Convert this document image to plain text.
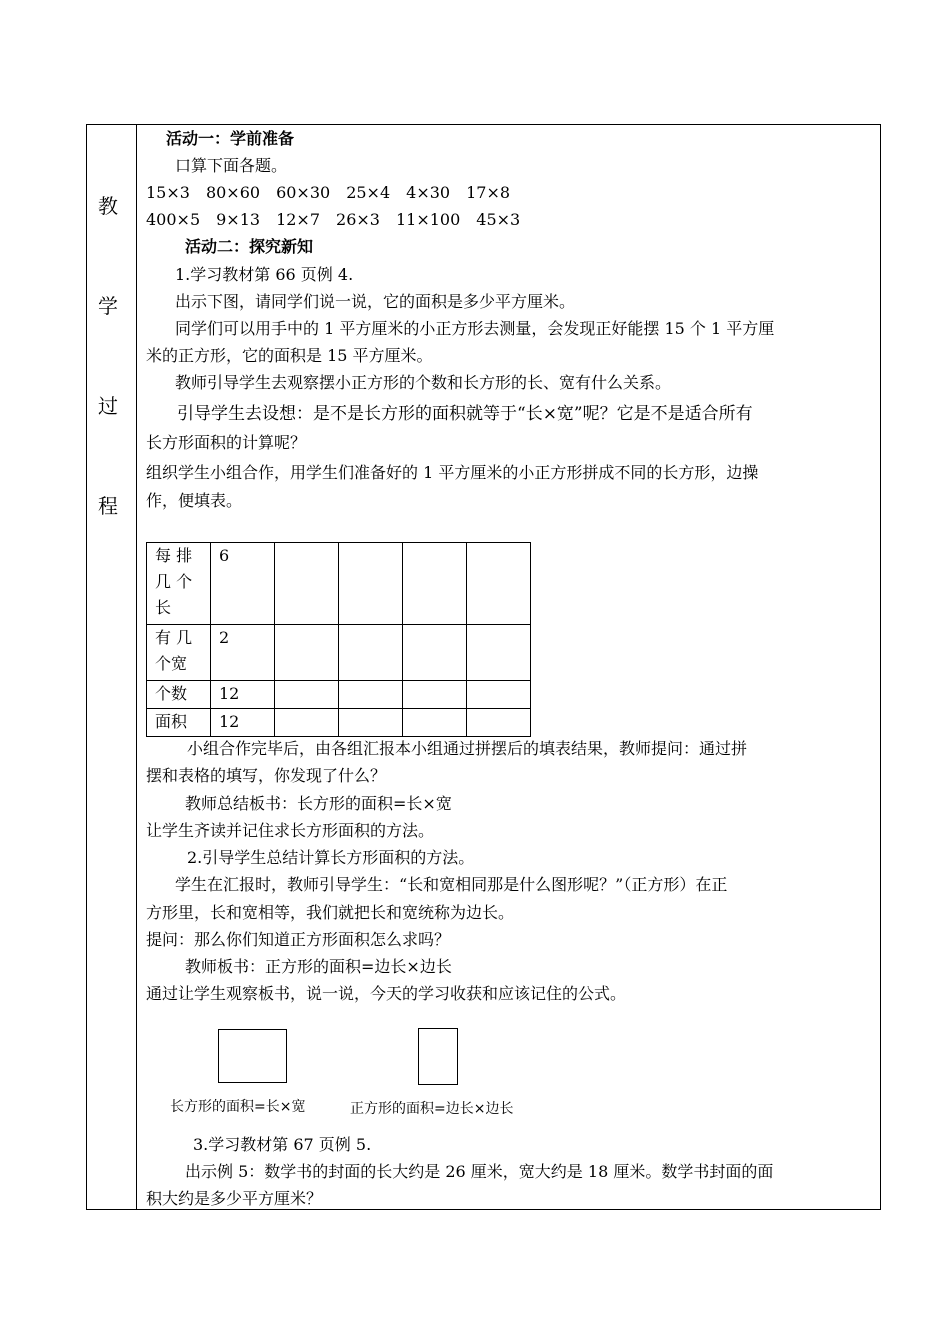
教
学
过
程
活动一：学前准备
口算下面各题。
15×3　80×60　60×30　25×4　4×30　17×8
400×5　9×13　12×7　26×3　11×100　45×3
活动二：探究新知
1.学习教材第 66 页例 4.
出示下图，请同学们说一说，它的面积是多少平方厘米。
同学们可以用手中的 1 平方厘米的小正方形去测量，会发现正好能摆 15 个 1 平方厘
米的正方形，它的面积是 15 平方厘米。
教师引导学生去观察摆小正方形的个数和长方形的长、宽有什么关系。
引导学生去设想：是不是长方形的面积就等于“长×宽”呢？它是不是适合所有
长方形面积的计算呢？
组织学生小组合作，用学生们准备好的 1 平方厘米的小正方形拼成不同的长方形，边操
作，便填表。
每 排 几 个 长	6				
有 几 个宽	2				
个数	12				
面积	12				
小组合作完毕后，由各组汇报本小组通过拼摆后的填表结果，教师提问：通过拼
摆和表格的填写，你发现了什么？
教师总结板书：长方形的面积=长×宽
让学生齐读并记住求长方形面积的方法。
2.引导学生总结计算长方形面积的方法。
学生在汇报时，教师引导学生：“长和宽相同那是什么图形呢？”（正方形）在正
方形里，长和宽相等，我们就把长和宽统称为边长。
提问：那么你们知道正方形面积怎么求吗？
教师板书：正方形的面积=边长×边长
通过让学生观察板书，说一说，今天的学习收获和应该记住的公式。
长方形的面积=长×宽	正方形的面积=边长×边长
3.学习教材第 67 页例 5.
出示例 5：数学书的封面的长大约是 26 厘米，宽大约是 18 厘米。数学书封面的面
积大约是多少平方厘米？
